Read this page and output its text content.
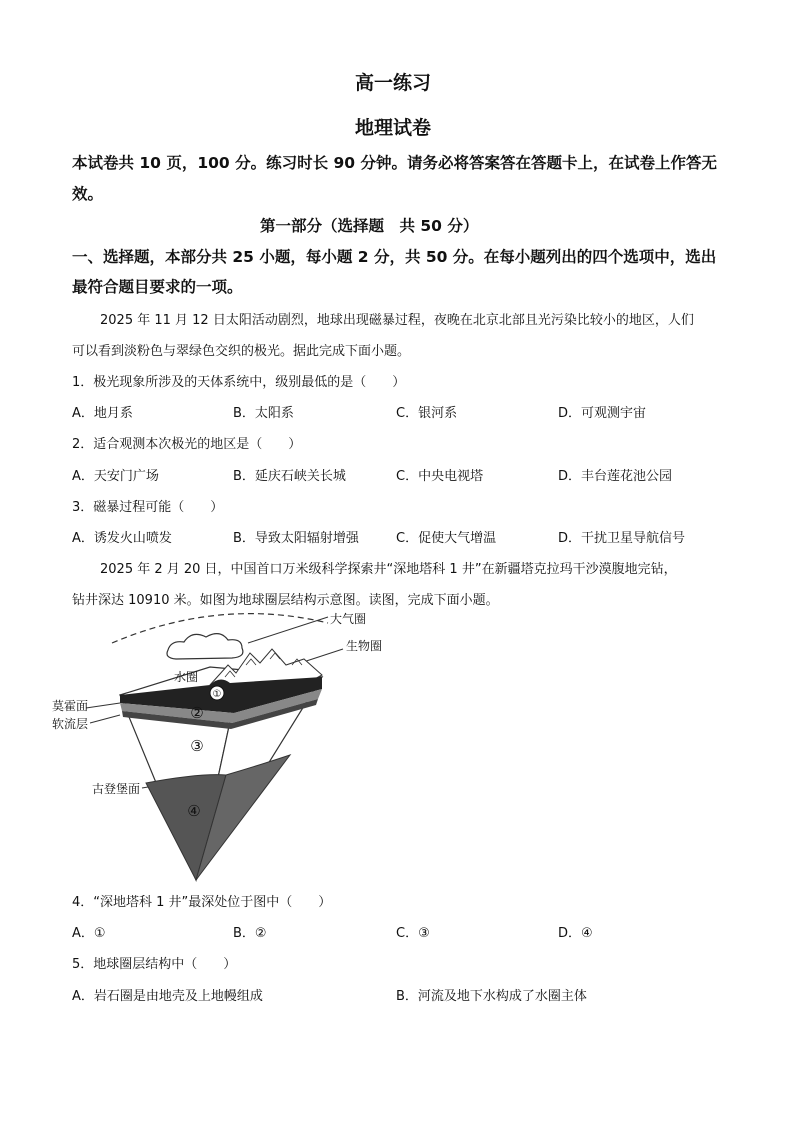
高一练习
地理试卷
本试卷共 10 页，100 分。练习时长 90 分钟。请务必将答案答在答题卡上，在试卷上作答无
效。
第一部分（选择题　共 50 分）
一、选择题，本部分共 25 小题，每小题 2 分，共 50 分。在每小题列出的四个选项中，选出
最符合题目要求的一项。
2025 年 11 月 12 日太阳活动剧烈，地球出现磁暴过程，夜晚在北京北部且光污染比较小的地区，人们
可以看到淡粉色与翠绿色交织的极光。据此完成下面小题。
1．极光现象所涉及的天体系统中，级别最低的是（　　）
A．地月系	B．太阳系	C．银河系	D．可观测宇宙
2．适合观测本次极光的地区是（　　）
A．天安门广场	B．延庆石峡关长城	C．中央电视塔	D．丰台莲花池公园
3．磁暴过程可能（　　）
A．诱发火山喷发	B．导致太阳辐射增强	C．促使大气增温	D．干扰卫星导航信号
2025 年 2 月 20 日，中国首口万米级科学探索井“深地塔科 1 井”在新疆塔克拉玛干沙漠腹地完钻，
钻井深达 10910 米。如图为地球圈层结构示意图。读图，完成下面小题。
①
②
③
④
大气圈
生物圈
水圈
莫霍面
软流层
古登堡面
4．“深地塔科 1 井”最深处位于图中（　　）
A．①	B．②	C．③	D．④
5．地球圈层结构中（　　）
A．岩石圈是由地壳及上地幔组成	B．河流及地下水构成了水圈主体
